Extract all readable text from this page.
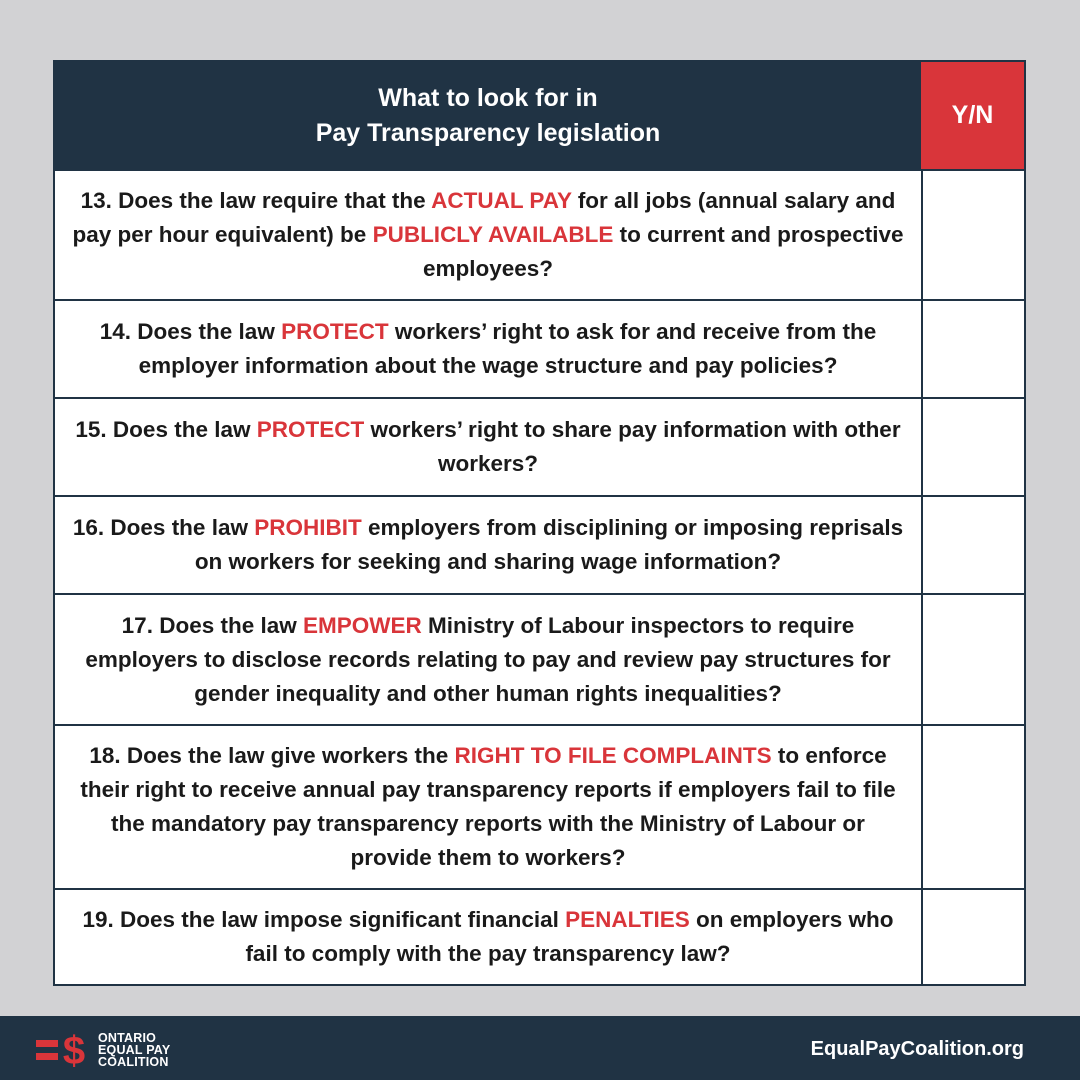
What to look for in
Pay Transparency legislation
Y/N
13. Does the law require that the ACTUAL PAY for all jobs (annual salary and pay per hour equivalent) be PUBLICLY AVAILABLE to current and prospective employees?
14. Does the law PROTECT workers’ right to ask for and receive from the employer information about the wage structure and pay policies?
15. Does the law PROTECT workers’ right to share pay information with other workers?
16. Does the law PROHIBIT employers from disciplining or imposing reprisals on workers for seeking and sharing wage information?
17. Does the law EMPOWER Ministry of Labour inspectors to require employers to disclose records relating to pay and review pay structures for gender inequality and other human rights inequalities?
18. Does the law give workers the RIGHT TO FILE COMPLAINTS to enforce their right to receive annual pay transparency reports if employers fail to file the mandatory pay transparency reports with the Ministry of Labour or provide them to workers?
19. Does the law impose significant financial PENALTIES on employers who fail to comply with the pay transparency law?
$ ONTARIO
EQUAL PAY
COALITION
EqualPayCoalition.org
